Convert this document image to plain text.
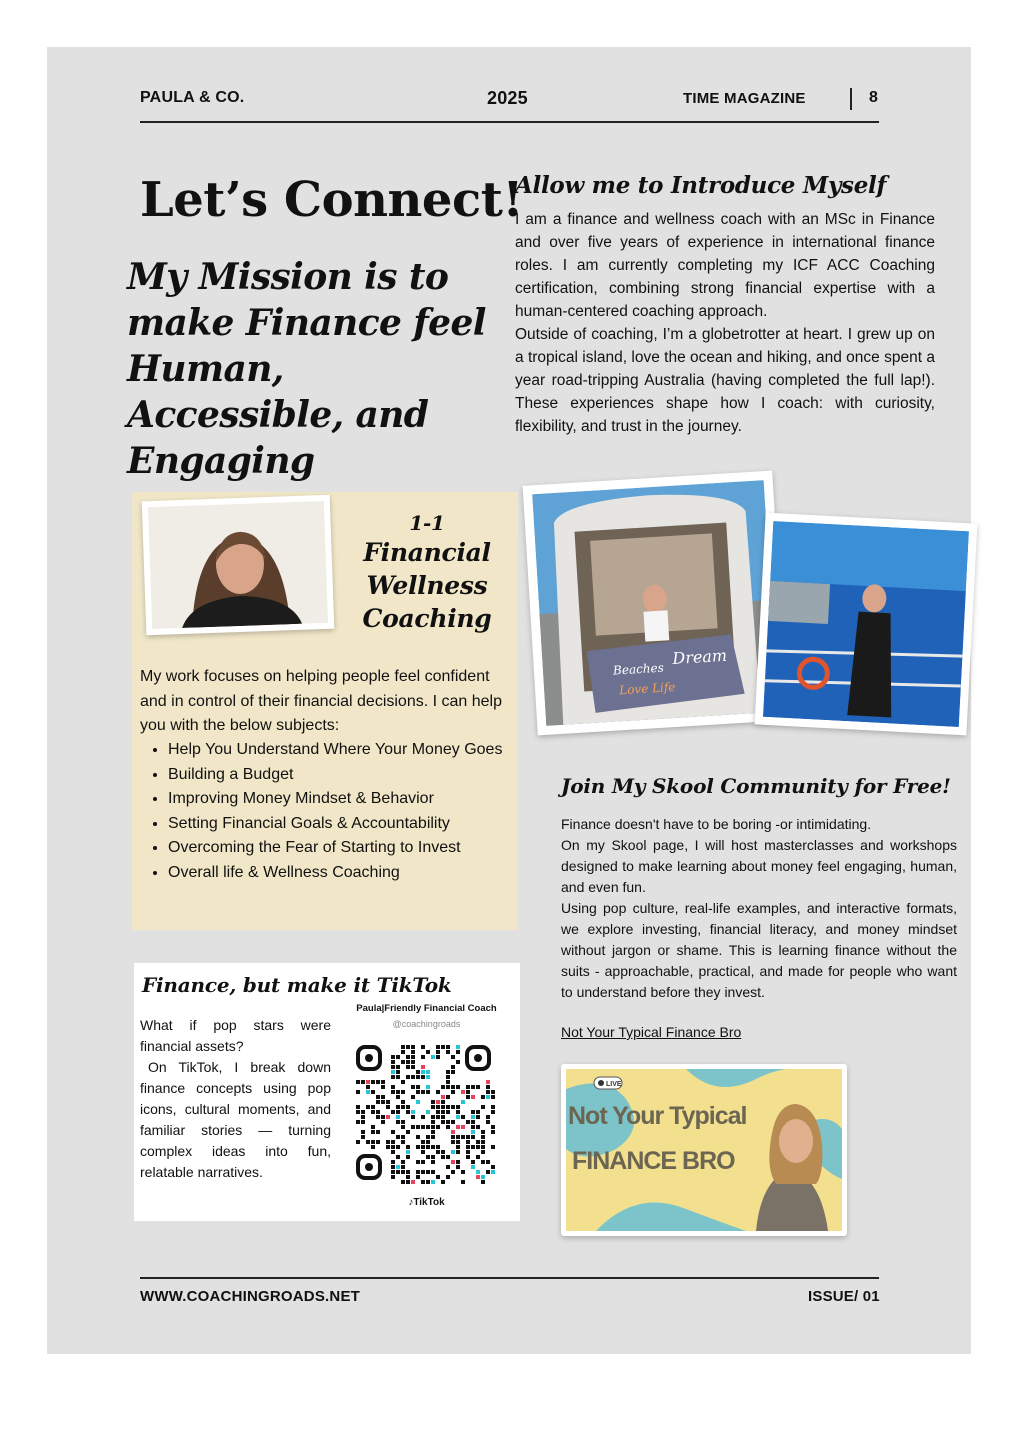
PAULA & CO.	2025	TIME MAGAZINE	8
Let’s Connect!
My Mission is to make Finance feel Human, Accessible, and Engaging
Allow me to Introduce Myself
I am a finance and wellness coach with an MSc in Finance and over five years of experience in international finance roles. I am currently completing my ICF ACC Coaching certification, combining strong financial expertise with a human-centered coaching approach.
Outside of coaching, I’m a globetrotter at heart. I grew up on a tropical island, love the ocean and hiking, and once spent a year road-tripping Australia (having completed the full lap!). These experiences shape how I coach: with curiosity, flexibility, and trust in the journey.
1-1
Financial
Wellness
Coaching
My work focuses on helping people feel confident and in control of their financial decisions. I can help you with the below subjects:
• Help You Understand Where Your Money Goes
• Building a Budget
• Improving Money Mindset & Behavior
• Setting Financial Goals & Accountability
• Overcoming the Fear of Starting to Invest
• Overall life & Wellness Coaching
Finance, but make it TikTok
What if pop stars were financial assets?
On TikTok, I break down finance concepts using pop icons, cultural moments, and familiar stories — turning complex ideas into fun, relatable narratives.
Paula|Friendly Financial Coach
@coachingroads
♪TikTok
Beaches
Dream
Love Life
Join My Skool Community for Free!
Finance doesn't have to be boring -or intimidating.
On my Skool page, I will host masterclasses and workshops designed to make learning about money feel engaging, human, and even fun.
Using pop culture, real-life examples, and interactive formats, we explore investing, financial literacy, and money mindset without jargon or shame. This is learning finance without the suits - approachable, practical, and made for people who want to understand before they invest.
Not Your Typical Finance Bro
LIVE
Not Your Typical
FINANCE BRO
WWW.COACHINGROADS.NET	ISSUE/ 01
